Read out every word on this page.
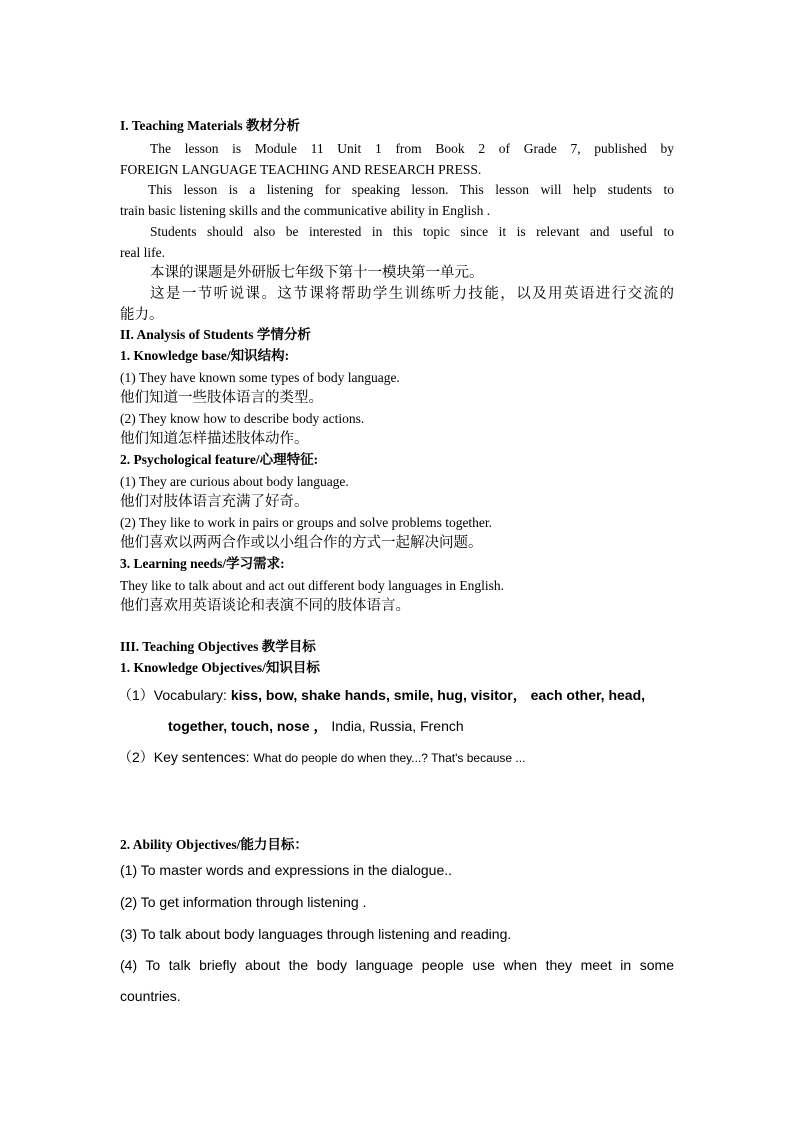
I. Teaching Materials 教材分析
The lesson is Module 11 Unit 1 from Book 2 of Grade 7, published by
FOREIGN LANGUAGE TEACHING AND RESEARCH PRESS.
This lesson is a listening for speaking lesson. This lesson will help students to
train basic listening skills and the communicative ability in English .
Students should also be interested in this topic since it is relevant and useful to
real life.
本课的课题是外研版七年级下第十一模块第一单元。
这是一节听说课。这节课将帮助学生训练听力技能，以及用英语进行交流的
能力。
II. Analysis of Students 学情分析
1. Knowledge base/知识结构:
(1) They have known some types of body language.
他们知道一些肢体语言的类型。
(2) They know how to describe body actions.
他们知道怎样描述肢体动作。
2. Psychological feature/心理特征:
(1) They are curious about body language.
他们对肢体语言充满了好奇。
(2) They like to work in pairs or groups and solve problems together.
他们喜欢以两两合作或以小组合作的方式一起解决问题。
3. Learning needs/学习需求:
They like to talk about and act out different body languages in English.
他们喜欢用英语谈论和表演不同的肢体语言。
III. Teaching Objectives 教学目标
1. Knowledge Objectives/知识目标
（1）Vocabulary: kiss, bow, shake hands, smile, hug, visitor， each other, head,
together, touch, nose ， India, Russia, French
（2）Key sentences: What do people do when they...? That's because ...
2. Ability Objectives/能力目标：
(1) To master words and expressions in the dialogue..
(2) To get information through listening .
(3) To talk about body languages through listening and reading.
(4) To talk briefly about the body language people use when they meet in some
countries.
